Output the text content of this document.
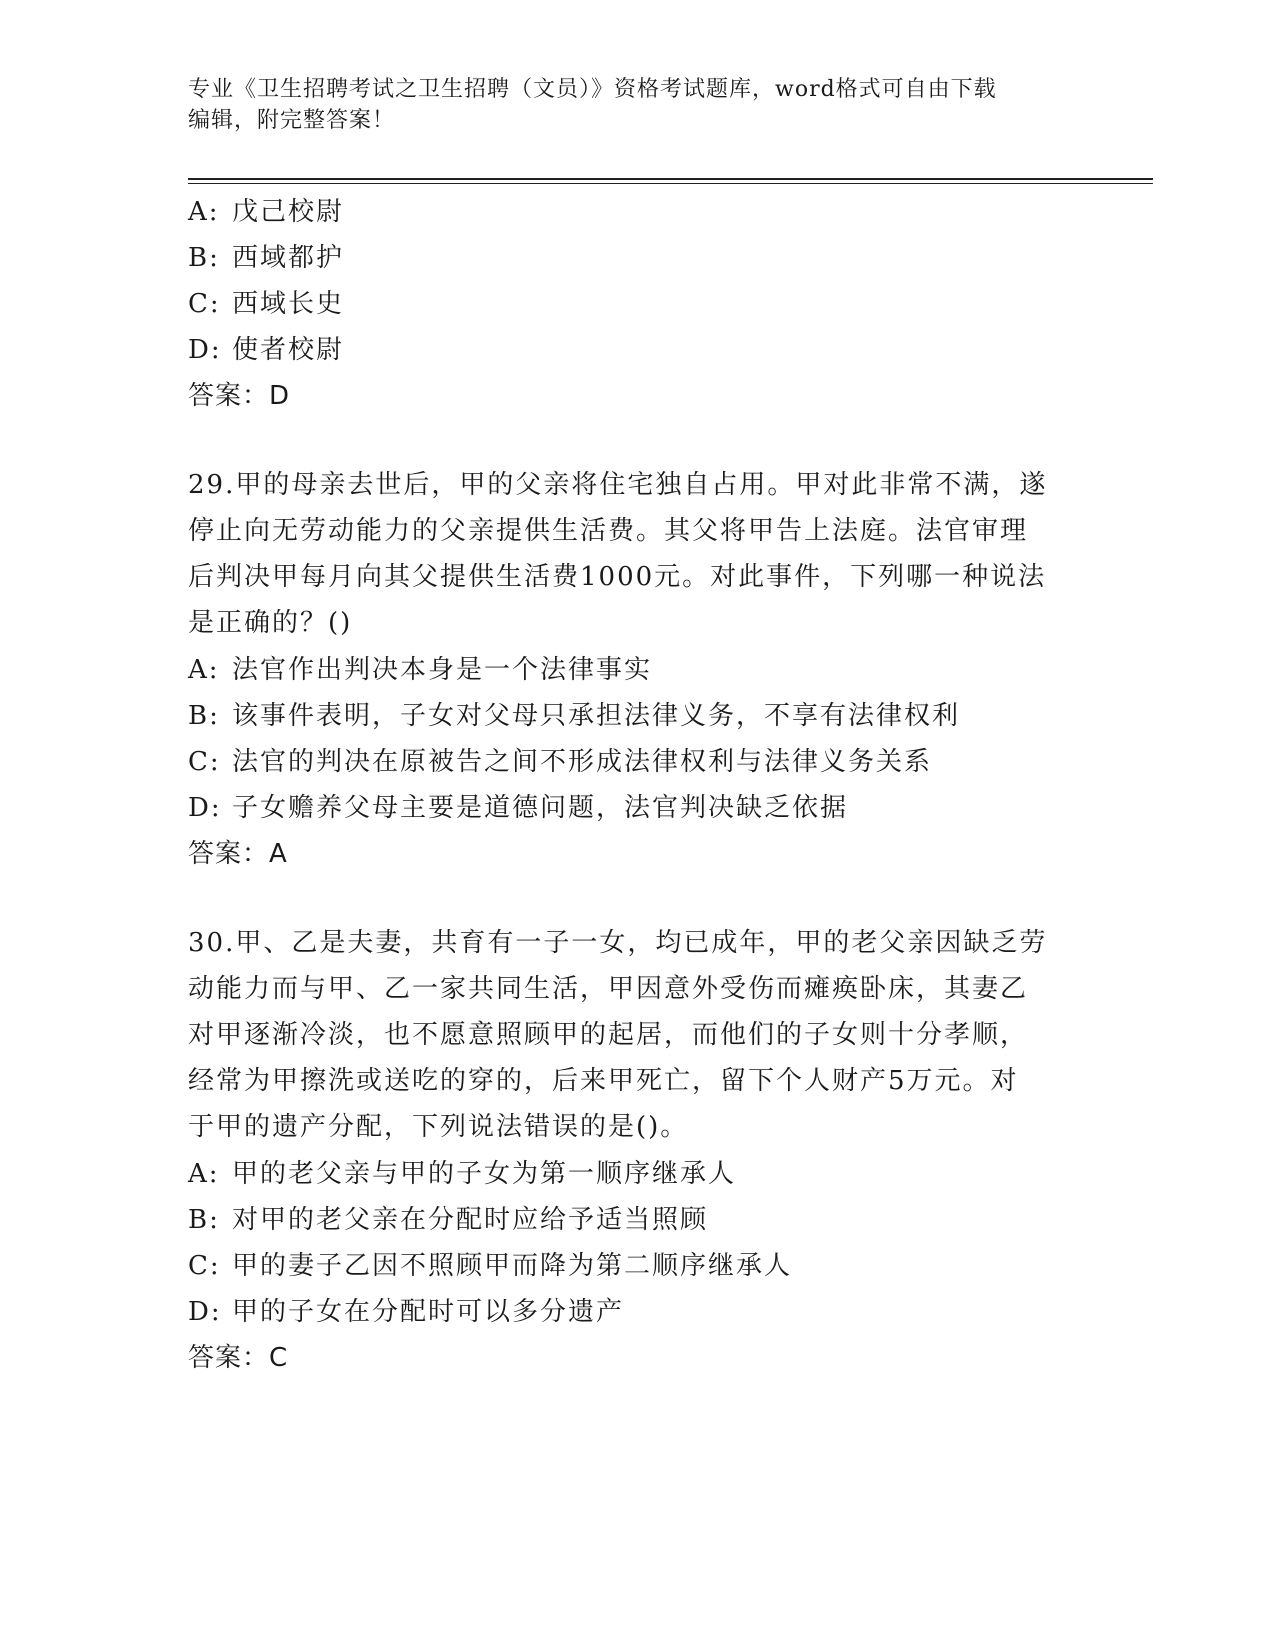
专业《卫生招聘考试之卫生招聘（文员）》资格考试题库，word格式可自由下载

编辑，附完整答案！

A: 戊己校尉
B: 西域都护
C: 西域长史
D: 使者校尉
答案：D
29.甲的母亲去世后，甲的父亲将住宅独自占用。甲对此非常不满，遂
停止向无劳动能力的父亲提供生活费。其父将甲告上法庭。法官审理
后判决甲每月向其父提供生活费1000元。对此事件，下列哪一种说法
是正确的？()
A: 法官作出判决本身是一个法律事实
B: 该事件表明，子女对父母只承担法律义务，不享有法律权利
C: 法官的判决在原被告之间不形成法律权利与法律义务关系
D: 子女赡养父母主要是道德问题，法官判决缺乏依据
答案：A
30.甲、乙是夫妻，共育有一子一女，均已成年，甲的老父亲因缺乏劳
动能力而与甲、乙一家共同生活，甲因意外受伤而瘫痪卧床，其妻乙
对甲逐渐冷淡，也不愿意照顾甲的起居，而他们的子女则十分孝顺，
经常为甲擦洗或送吃的穿的，后来甲死亡，留下个人财产5万元。对
于甲的遗产分配，下列说法错误的是()。
A: 甲的老父亲与甲的子女为第一顺序继承人
B: 对甲的老父亲在分配时应给予适当照顾
C: 甲的妻子乙因不照顾甲而降为第二顺序继承人
D: 甲的子女在分配时可以多分遗产
答案：C
